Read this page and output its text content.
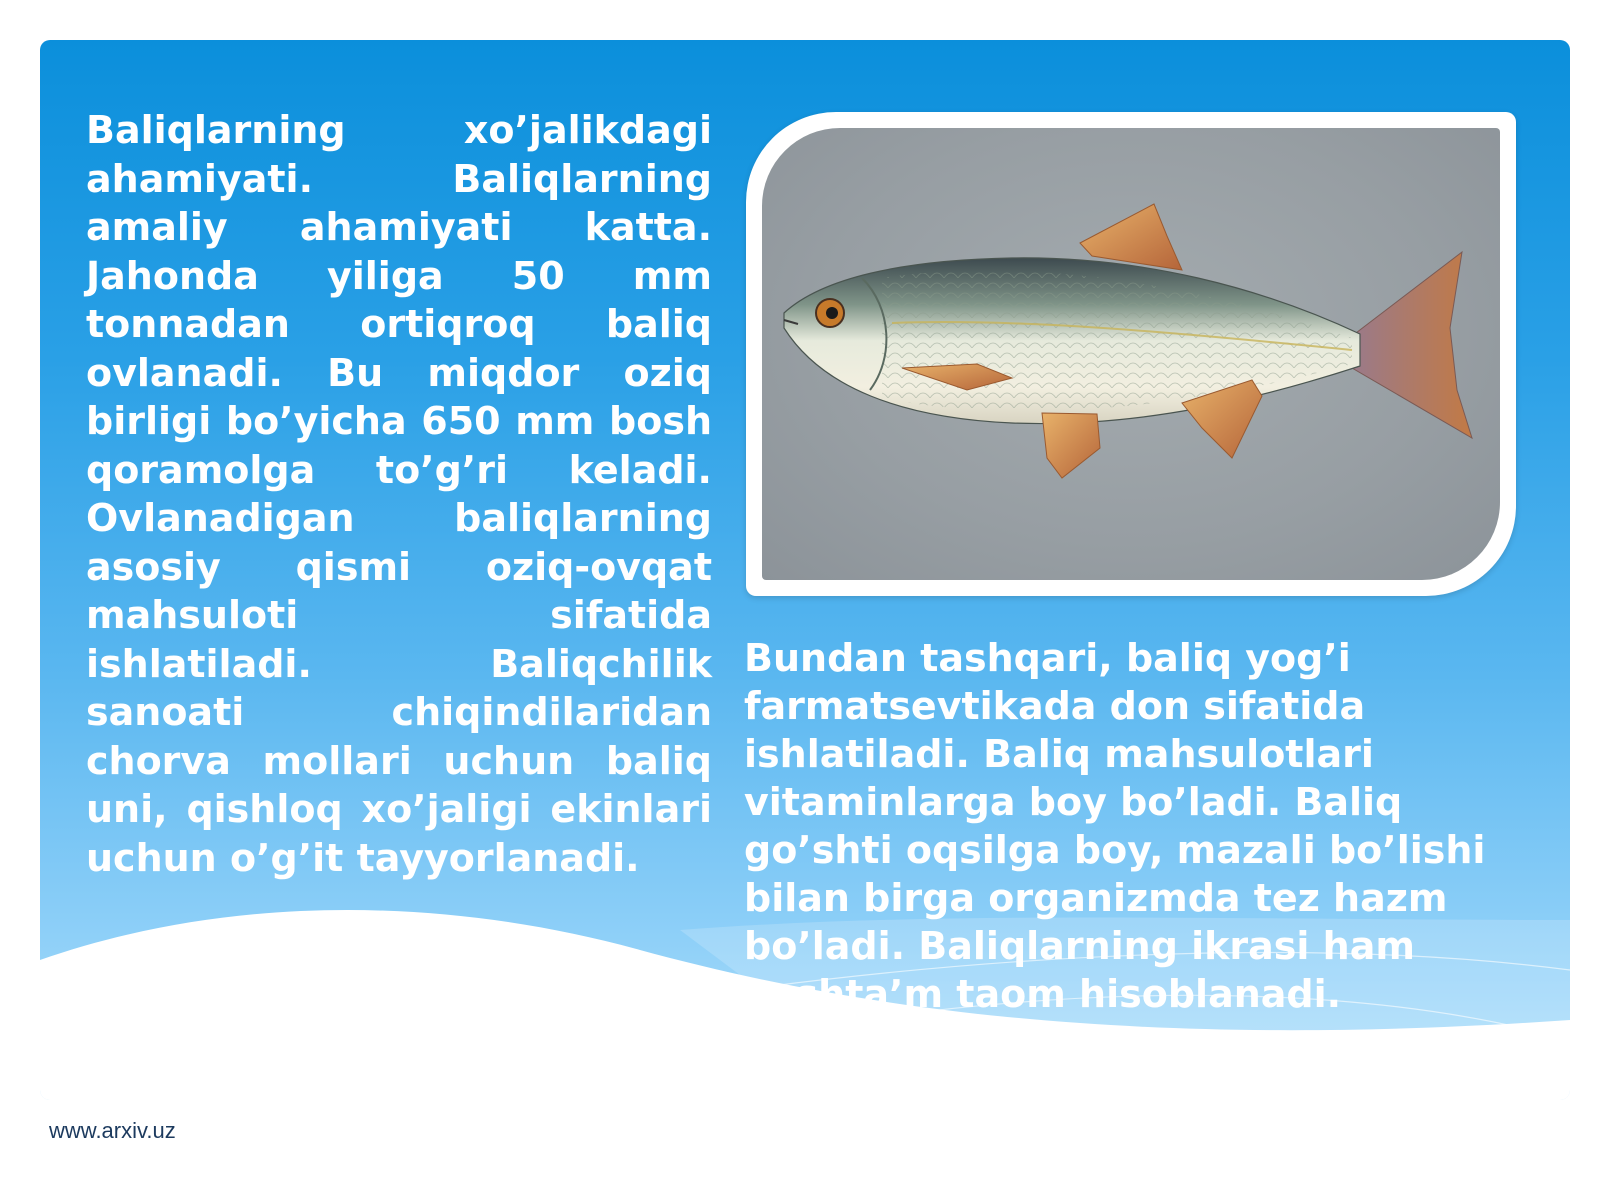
Baliqlarning xo’jalikdagi ahamiyati. Baliqlarning amaliy ahamiyati katta. Jahonda yiliga 50 mm tonnadan ortiqroq baliq ovlanadi. Bu miqdor oziq birligi bo’yicha 650 mm bosh qoramolga to’g’ri keladi. Ovlanadigan baliqlarning asosiy qismi oziq-ovqat mahsuloti sifatida ishlatiladi. Baliqchilik sanoati chiqindilaridan chorva mollari uchun baliq uni, qishloq xo’jaligi ekinlari uchun o’g’it tayyorlanadi.

Bundan tashqari, baliq yog’i farmatsevtikada don sifatida ishlatiladi. Baliq mahsulotlari vitaminlarga boy bo’ladi. Baliq go’shti oqsilga boy, mazali bo’lishi bilan birga organizmda tez hazm bo’ladi. Baliqlarning ikrasi ham xushta’m taom hisoblanadi.

www.arxiv.uz
